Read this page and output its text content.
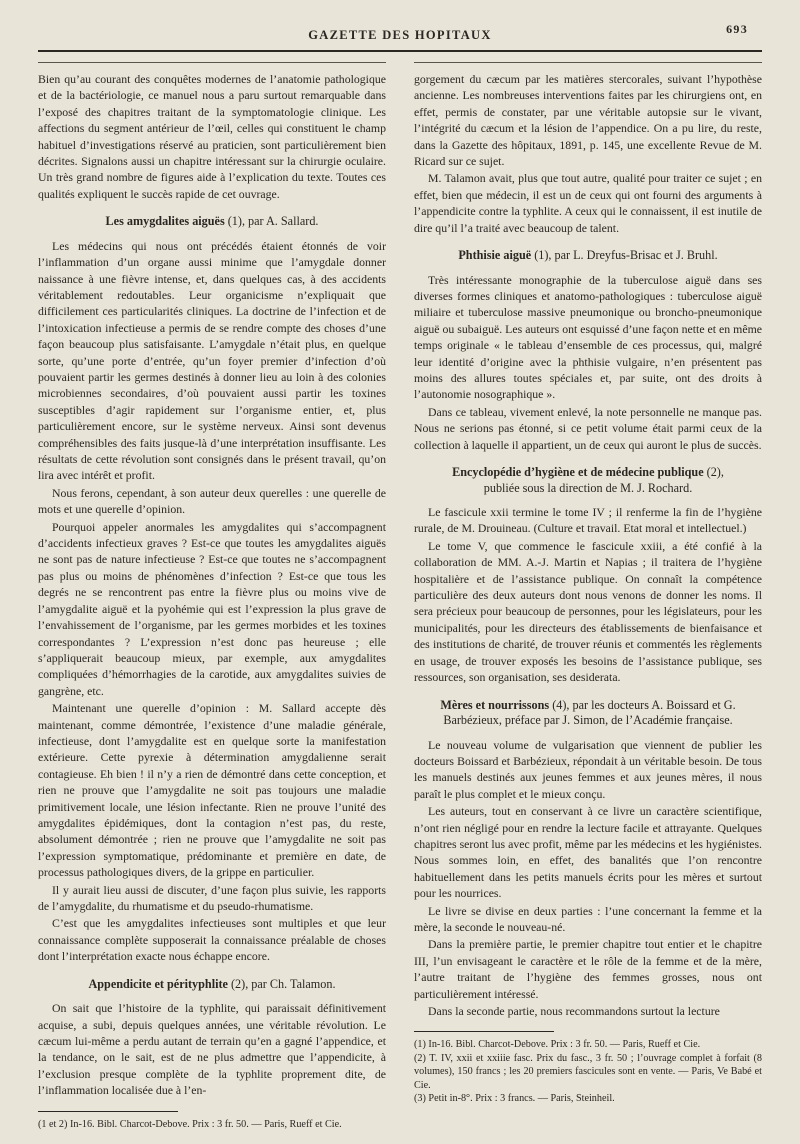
GAZETTE DES HOPITAUX	693

Bien qu’au courant des conquêtes modernes de l’anatomie pathologique et de la bactériologie, ce manuel nous a paru surtout remarquable dans l’exposé des chapitres traitant de la symptomatologie clinique. Les affections du segment antérieur de l’œil, celles qui constituent le champ habituel d’investigations réservé au praticien, sont particulièrement bien décrites. Signalons aussi un chapitre intéressant sur la chirurgie oculaire. Un très grand nombre de figures aide à l’explication du texte. Toutes ces qualités expliquent le succès rapide de cet ouvrage.

Les amygdalites aiguës (1), par A. Sallard.

Les médecins qui nous ont précédés étaient étonnés de voir l’inflammation d’un organe aussi minime que l’amygdale donner naissance à une fièvre intense, et, dans quelques cas, à des accidents véritablement redoutables. Leur organicisme n’expliquait que difficilement ces particularités cliniques. La doctrine de l’infection et de l’intoxication infectieuse a permis de se rendre compte des choses d’une façon beaucoup plus satisfaisante. L’amygdale n’était plus, en quelque sorte, qu’une porte d’entrée, qu’un foyer premier d’infection d’où pouvaient partir les germes destinés à donner lieu au loin à des colonies microbiennes secondaires, d’où pouvaient aussi partir les toxines susceptibles d’agir rapidement sur l’organisme entier, et, plus particulièrement encore, sur le système nerveux. Ainsi sont devenus compréhensibles des faits jusque-là d’une interprétation insuffisante. Les résultats de cette révolution sont consignés dans le présent travail, qu’on lira avec intérêt et profit.

Nous ferons, cependant, à son auteur deux querelles : une querelle de mots et une querelle d’opinion.

Pourquoi appeler anormales les amygdalites qui s’accompagnent d’accidents infectieux graves ? Est-ce que toutes les amygdalites aiguës ne sont pas de nature infectieuse ? Est-ce que toutes ne s’accompagnent pas plus ou moins de phénomènes d’infection ? Est-ce que tous les degrés ne se rencontrent pas entre la fièvre plus ou moins vive de l’amygdalite aiguë et la pyohémie qui est l’expression la plus grave de l’envahissement de l’organisme, par les germes morbides et les toxines correspondantes ? L’expression n’est donc pas heureuse ; elle s’appliquerait beaucoup mieux, par exemple, aux amygdalites compliquées d’hémorrhagies de la carotide, aux amygdalites suivies de gangrène, etc.

Maintenant une querelle d’opinion : M. Sallard accepte dès maintenant, comme démontrée, l’existence d’une maladie générale, infectieuse, dont l’amygdalite est en quelque sorte la manifestation extérieure. Cette pyrexie à détermination amygdalienne serait contagieuse. Eh bien ! il n’y a rien de démontré dans cette conception, et rien ne prouve que l’amygdalite ne soit pas toujours une maladie primitivement locale, une lésion infectante. Rien ne prouve l’unité des amygdalites épidémiques, dont la contagion n’est pas, du reste, absolument démontrée ; rien ne prouve que l’amygdalite ne soit pas l’expression symptomatique, prédominante et première en date, de processus pathologiques divers, de la grippe en particulier.

Il y aurait lieu aussi de discuter, d’une façon plus suivie, les rapports de l’amygdalite, du rhumatisme et du pseudo-rhumatisme.

C’est que les amygdalites infectieuses sont multiples et que leur connaissance complète supposerait la connaissance préalable de choses dont l’interprétation exacte nous échappe encore.

Appendicite et pérityphlite (2), par Ch. Talamon.

On sait que l’histoire de la typhlite, qui paraissait définitivement acquise, a subi, depuis quelques années, une véritable révolution. Le cæcum lui-même a perdu autant de terrain qu’en a gagné l’appendice, et la tendance, on le sait, est de ne plus admettre que l’appendicite, à l’exclusion presque complète de la typhlite proprement dite, de l’inflammation localisée due à l’en-

(1 et 2) In-16. Bibl. Charcot-Debove. Prix : 3 fr. 50. — Paris, Rueff et Cie.

gorgement du cæcum par les matières stercorales, suivant l’hypothèse ancienne. Les nombreuses interventions faites par les chirurgiens ont, en effet, permis de constater, par une véritable autopsie sur le vivant, l’intégrité du cæcum et la lésion de l’appendice. On a pu lire, du reste, dans la Gazette des hôpitaux, 1891, p. 145, une excellente Revue de M. Ricard sur ce sujet.

M. Talamon avait, plus que tout autre, qualité pour traiter ce sujet ; en effet, bien que médecin, il est un de ceux qui ont fourni des arguments à l’appendicite contre la typhlite. A ceux qui le connaissent, il est inutile de dire qu’il l’a traité avec beaucoup de talent.

Phthisie aiguë (1), par L. Dreyfus-Brisac et J. Bruhl.

Très intéressante monographie de la tuberculose aiguë dans ses diverses formes cliniques et anatomo-pathologiques : tuberculose aiguë miliaire et tuberculose massive pneumonique ou broncho-pneumonique aiguë ou subaiguë. Les auteurs ont esquissé d’une façon nette et en même temps originale « le tableau d’ensemble de ces processus, qui, malgré leur identité d’origine avec la phthisie vulgaire, n’en présentent pas moins des allures toutes spéciales et, par suite, ont des droits à l’autonomie nosographique ».

Dans ce tableau, vivement enlevé, la note personnelle ne manque pas. Nous ne serions pas étonné, si ce petit volume était parmi ceux de la collection à laquelle il appartient, un de ceux qui auront le plus de succès.

Encyclopédie d’hygiène et de médecine publique (2),
publiée sous la direction de M. J. Rochard.

Le fascicule xxii termine le tome IV ; il renferme la fin de l’hygiène rurale, de M. Drouineau. (Culture et travail. Etat moral et intellectuel.)

Le tome V, que commence le fascicule xxiii, a été confié à la collaboration de MM. A.-J. Martin et Napias ; il traitera de l’hygiène hospitalière et de l’assistance publique. On connaît la compétence particulière des deux auteurs dont nous venons de donner les noms. Il sera précieux pour beaucoup de personnes, pour les législateurs, pour les municipalités, pour les directeurs des établissements de bienfaisance et des institutions de charité, de trouver réunis et commentés les règlements en usage, de trouver exposés les besoins de l’assistance publique, ses ressources, son organisation, ses desiderata.

Mères et nourrissons (4), par les docteurs A. Boissard et G. Barbézieux, préface par J. Simon, de l’Académie française.

Le nouveau volume de vulgarisation que viennent de publier les docteurs Boissard et Barbézieux, répondait à un véritable besoin. De tous les manuels destinés aux jeunes femmes et aux jeunes mères, il nous paraît le plus complet et le mieux conçu.

Les auteurs, tout en conservant à ce livre un caractère scientifique, n’ont rien négligé pour en rendre la lecture facile et attrayante. Quelques chapitres seront lus avec profit, même par les médecins et les hygiénistes. Nous sommes loin, en effet, des banalités que l’on rencontre habituellement dans les petits manuels écrits pour les mères et surtout pour les nourrices.

Le livre se divise en deux parties : l’une concernant la femme et la mère, la seconde le nouveau-né.

Dans la première partie, le premier chapitre tout entier et le chapitre III, l’un envisageant le caractère et le rôle de la femme et de la mère, l’autre traitant de l’hygiène des femmes grosses, nous ont particulièrement intéressé.

Dans la seconde partie, nous recommandons surtout la lecture

(1) In-16. Bibl. Charcot-Debove. Prix : 3 fr. 50. — Paris, Rueff et Cie.
(2) T. IV, xxii et xxiiie fasc. Prix du fasc., 3 fr. 50 ; l’ouvrage complet à forfait (8 volumes), 150 francs ; les 20 premiers fascicules sont en vente. — Paris, Ve Babé et Cie.
(3) Petit in-8°. Prix : 3 francs. — Paris, Steinheil.
